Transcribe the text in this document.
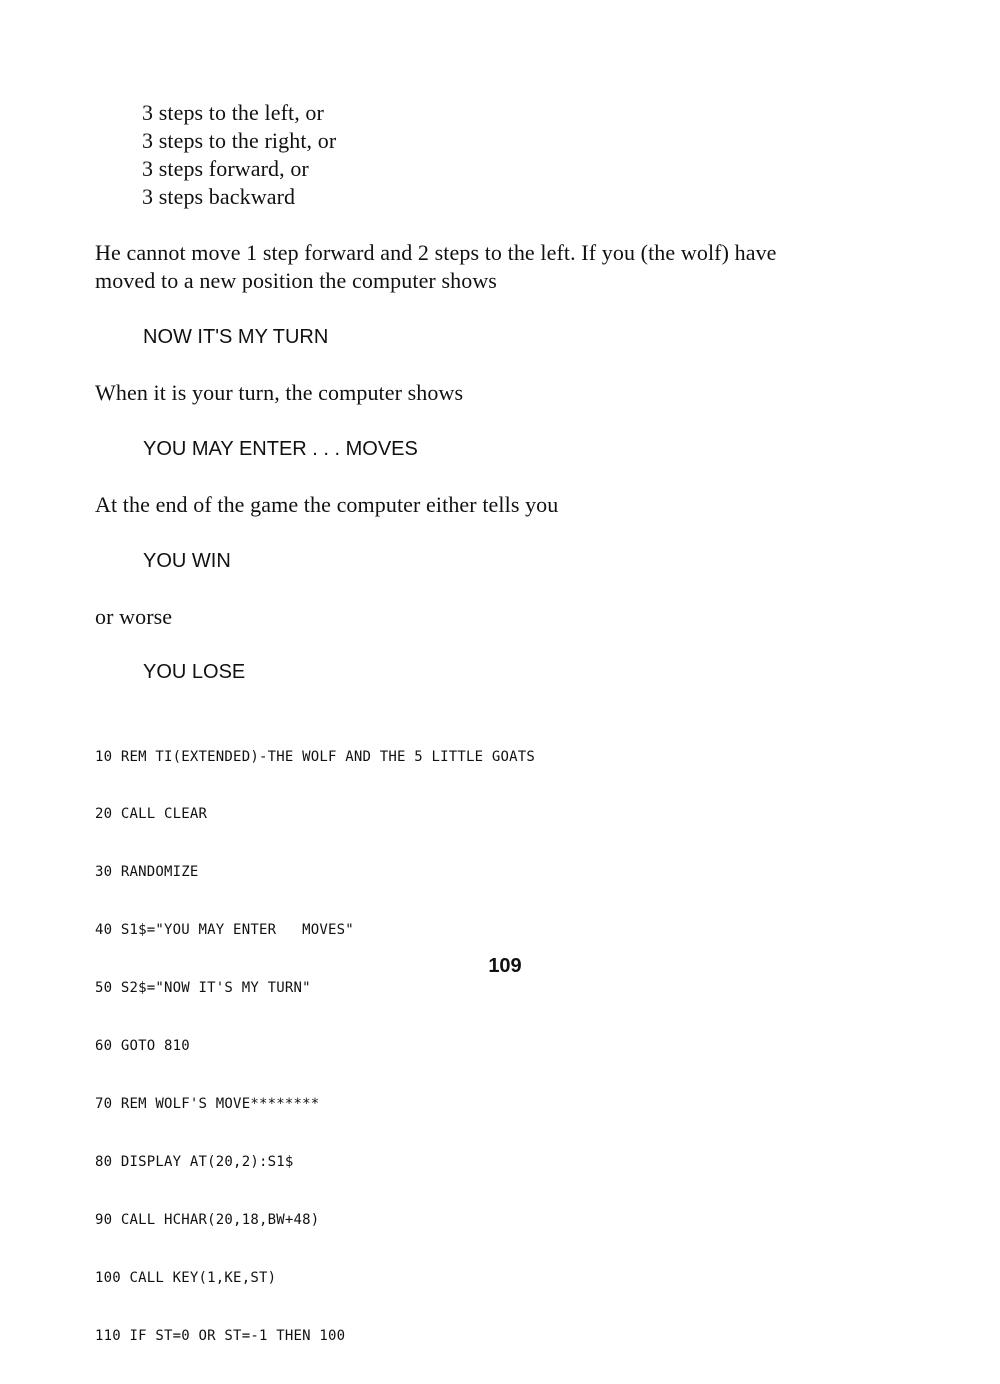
3 steps to the left, or
3 steps to the right, or
3 steps forward, or
3 steps backward
He cannot move 1 step forward and 2 steps to the left. If you (the wolf) have
moved to a new position the computer shows
NOW IT'S MY TURN
When it is your turn, the computer shows
YOU MAY ENTER . . . MOVES
At the end of the game the computer either tells you
YOU WIN
or worse
YOU LOSE

10 REM TI(EXTENDED)-THE WOLF AND THE 5 LITTLE GOATS

20 CALL CLEAR

30 RANDOMIZE

40 S1$="YOU MAY ENTER   MOVES"

50 S2$="NOW IT'S MY TURN"

60 GOTO 810

70 REM WOLF'S MOVE********

80 DISPLAY AT(20,2):S1$

90 CALL HCHAR(20,18,BW+48)

100 CALL KEY(1,KE,ST)

110 IF ST=0 OR ST=-1 THEN 100

109
